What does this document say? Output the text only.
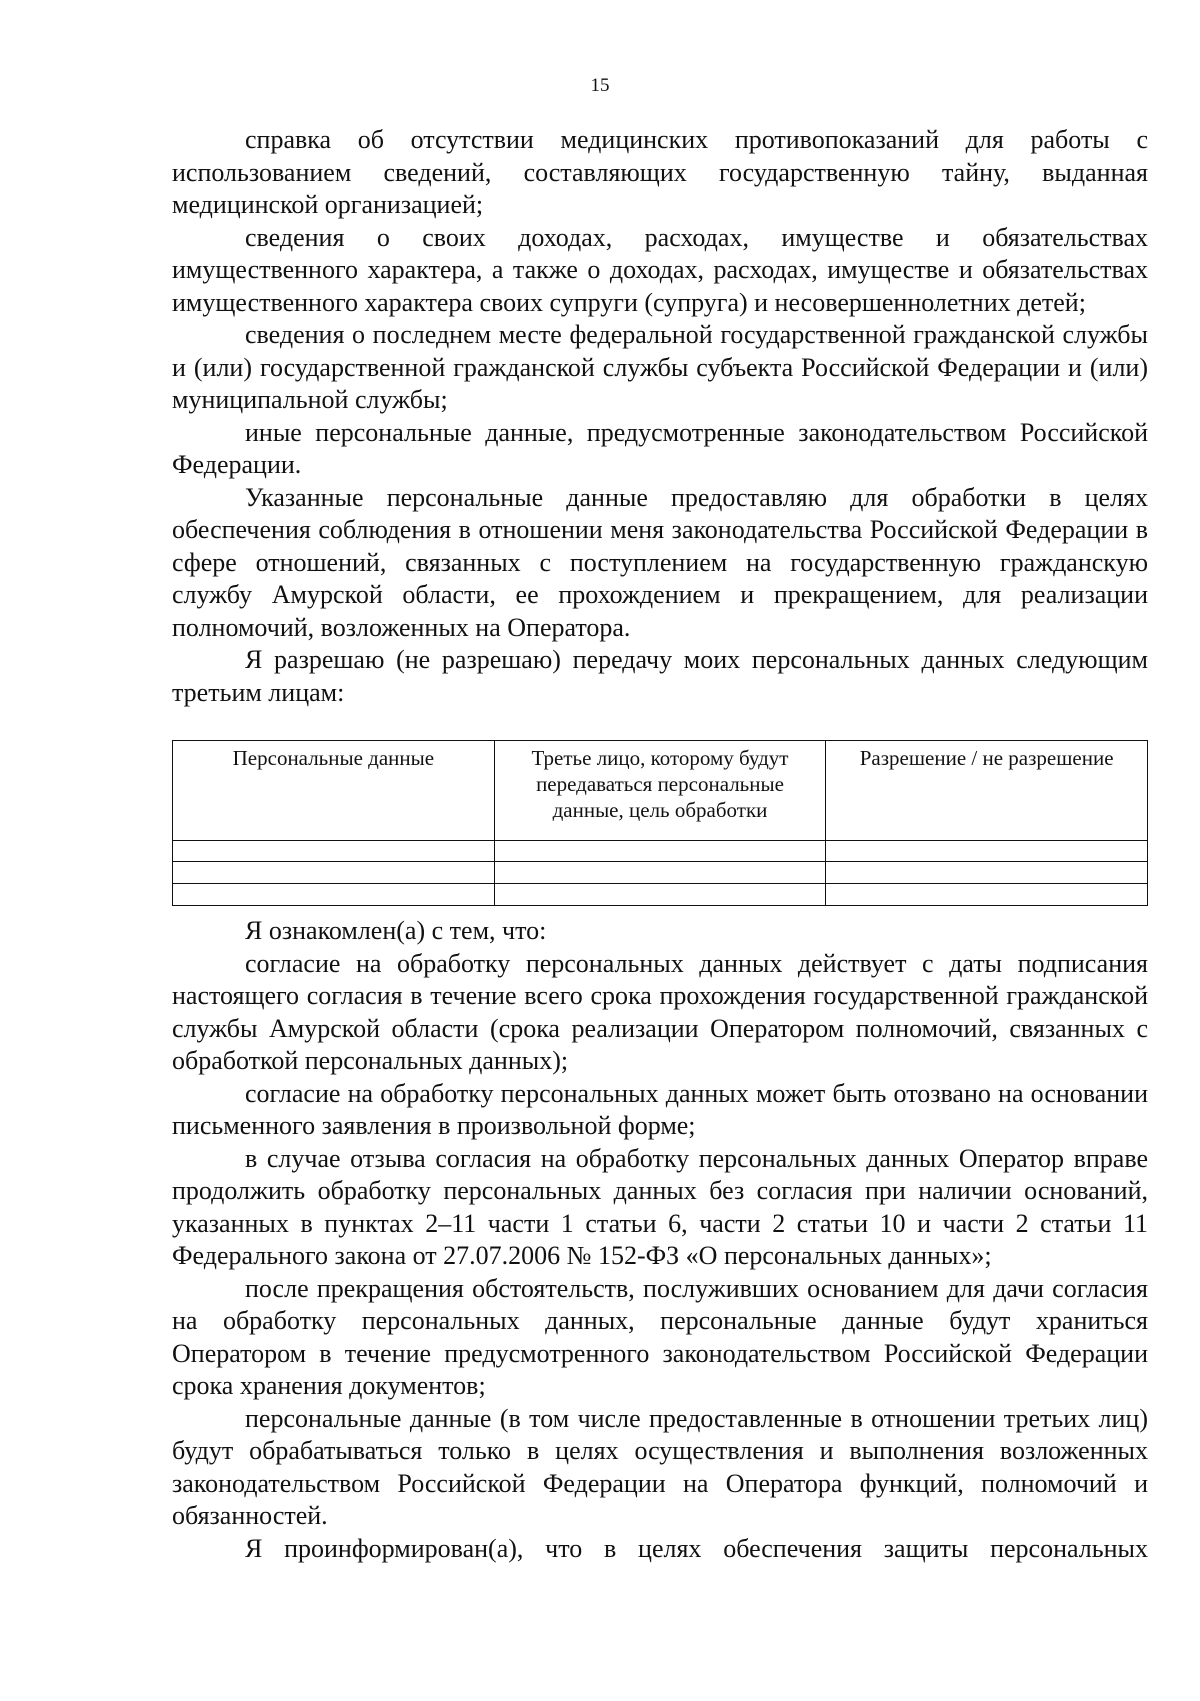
15

справка об отсутствии медицинских противопоказаний для работы с использованием сведений, составляющих государственную тайну, выданная медицинской организацией;

сведения о своих доходах, расходах, имуществе и обязательствах имущественного характера, а также о доходах, расходах, имуществе и обязательствах имущественного характера своих супруги (супруга) и несовершеннолетних детей;

сведения о последнем месте федеральной государственной гражданской службы и (или) государственной гражданской службы субъекта Российской Федерации и (или) муниципальной службы;

иные персональные данные, предусмотренные законодательством Российской Федерации.

Указанные персональные данные предоставляю для обработки в целях обеспечения соблюдения в отношении меня законодательства Российской Федерации в сфере отношений, связанных с поступлением на государственную гражданскую службу Амурской области, ее прохождением и прекращением, для реализации полномочий, возложенных на Оператора.

Я разрешаю (не разрешаю) передачу моих персональных данных следующим третьим лицам:

Персональные данные	Третье лицо, которому будут передаваться персональные данные, цель обработки	Разрешение / не разрешение

Я ознакомлен(а) с тем, что:

согласие на обработку персональных данных действует с даты подписания настоящего согласия в течение всего срока прохождения государственной гражданской службы Амурской области (срока реализации Оператором полномочий, связанных с обработкой персональных данных);

согласие на обработку персональных данных может быть отозвано на основании письменного заявления в произвольной форме;

в случае отзыва согласия на обработку персональных данных Оператор вправе продолжить обработку персональных данных без согласия при наличии оснований, указанных в пунктах 2–11 части 1 статьи 6, части 2 статьи 10 и части 2 статьи 11 Федерального закона от 27.07.2006 № 152-ФЗ «О персональных данных»;

после прекращения обстоятельств, послуживших основанием для дачи согласия на обработку персональных данных, персональные данные будут храниться Оператором в течение предусмотренного законодательством Российской Федерации срока хранения документов;

персональные данные (в том числе предоставленные в отношении третьих лиц) будут обрабатываться только в целях осуществления и выполнения возложенных законодательством Российской Федерации на Оператора функций, полномочий и обязанностей.

Я проинформирован(а), что в целях обеспечения защиты персональных
